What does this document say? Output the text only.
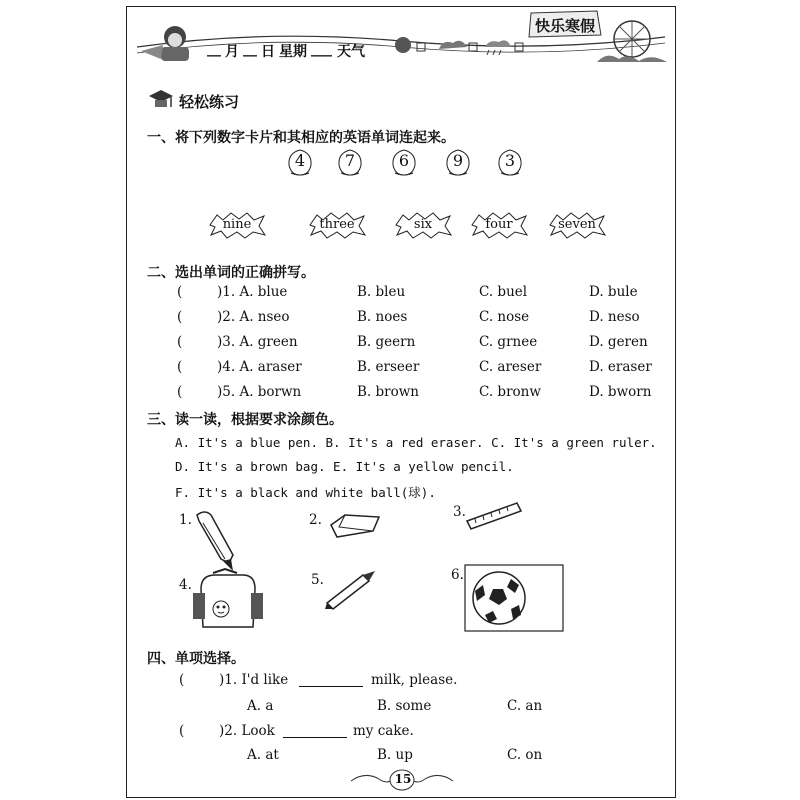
__ 月 __ 日 星期 ___ 天气
快乐寒假
轻松练习
一、将下列数字卡片和其相应的英语单词连起来。
4	7	6	9	3
nine	three	six	four	seven
二、选出单词的正确拼写。
(	)1. A. blue	B. bleu	C. buel	D. bule
(	)2. A. nseo	B. noes	C. nose	D. neso
(	)3. A. green	B. geern	C. grnee	D. geren
(	)4. A. araser	B. erseer	C. areser	D. eraser
(	)5. A. borwn	B. brown	C. bronw	D. bworn
三、读一读，根据要求涂颜色。
A. It's a blue pen. B. It's a red eraser. C. It's a green ruler.
D. It's a brown bag. E. It's a yellow pencil.
F. It's a black and white ball(球).
1.	2.	3.
4.	5.	6.
四、单项选择。
(	)1. I'd like	milk, please.
A. a	B. some	C. an
(	)2. Look	my cake.
A. at	B. up	C. on
15
